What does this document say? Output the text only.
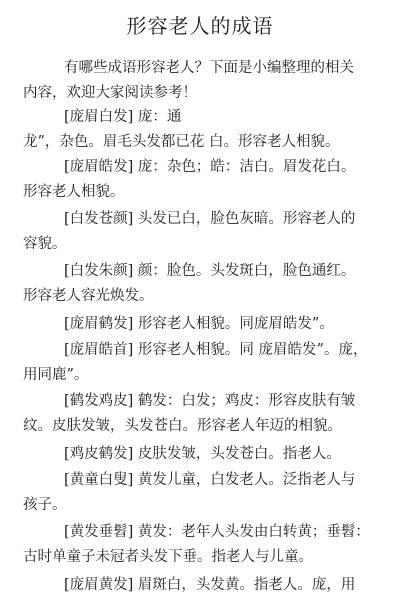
形容老人的成语
有哪些成语形容老人？下面是小编整理的相关
内容，欢迎大家阅读参考！
[庞眉白发] 庞：通
龙”，杂色。眉毛头发都已花 白。形容老人相貌。
[庞眉皓发] 庞：杂色；皓：洁白。眉发花白。
形容老人相貌。
[白发苍颜] 头发已白，脸色灰暗。形容老人的
容貌。
[白发朱颜] 颜：脸色。头发斑白，脸色通红。
形容老人容光焕发。
[庞眉鹤发] 形容老人相貌。同庞眉皓发”。
[庞眉皓首] 形容老人相貌。同 庞眉皓发”。庞，
用同鹿”。
[鹤发鸡皮] 鹤发：白发；鸡皮：形容皮肤有皱
纹。皮肤发皱，头发苍白。形容老人年迈的相貌。
[鸡皮鹤发] 皮肤发皱，头发苍白。指老人。
[黄童白叟] 黄发儿童，白发老人。泛指老人与
孩子。
[黄发垂髫] 黄发：老年人头发由白转黄；垂髫：
古时单童子未冠者头发下垂。指老人与儿童。
[庞眉黄发] 眉斑白，头发黄。指老人。庞，用
